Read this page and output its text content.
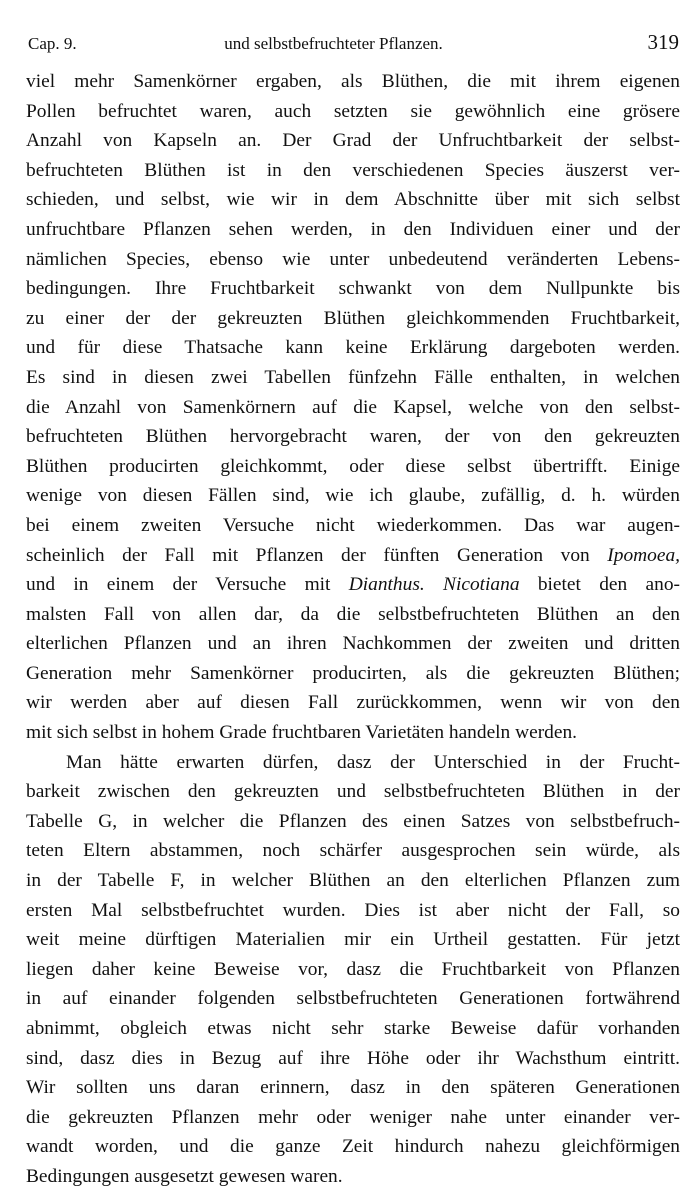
Cap. 9.	und selbstbefruchteter Pflanzen.	319
viel mehr Samenkörner ergaben, als Blüthen, die mit ihrem eigenen
Pollen befruchtet waren, auch setzten sie gewöhnlich eine grösere
Anzahl von Kapseln an. Der Grad der Unfruchtbarkeit der selbst-
befruchteten Blüthen ist in den verschiedenen Species äuszerst ver-
schieden, und selbst, wie wir in dem Abschnitte über mit sich selbst
unfruchtbare Pflanzen sehen werden, in den Individuen einer und der
nämlichen Species, ebenso wie unter unbedeutend veränderten Lebens-
bedingungen. Ihre Fruchtbarkeit schwankt von dem Nullpunkte bis
zu einer der der gekreuzten Blüthen gleichkommenden Fruchtbarkeit,
und für diese Thatsache kann keine Erklärung dargeboten werden.
Es sind in diesen zwei Tabellen fünfzehn Fälle enthalten, in welchen
die Anzahl von Samenkörnern auf die Kapsel, welche von den selbst-
befruchteten Blüthen hervorgebracht waren, der von den gekreuzten
Blüthen producirten gleichkommt, oder diese selbst übertrifft. Einige
wenige von diesen Fällen sind, wie ich glaube, zufällig, d. h. würden
bei einem zweiten Versuche nicht wiederkommen. Das war augen-
scheinlich der Fall mit Pflanzen der fünften Generation von Ipomoea,
und in einem der Versuche mit Dianthus. Nicotiana bietet den ano-
malsten Fall von allen dar, da die selbstbefruchteten Blüthen an den
elterlichen Pflanzen und an ihren Nachkommen der zweiten und dritten
Generation mehr Samenkörner producirten, als die gekreuzten Blüthen;
wir werden aber auf diesen Fall zurückkommen, wenn wir von den
mit sich selbst in hohem Grade fruchtbaren Varietäten handeln werden.
Man hätte erwarten dürfen, dasz der Unterschied in der Frucht-
barkeit zwischen den gekreuzten und selbstbefruchteten Blüthen in der
Tabelle G, in welcher die Pflanzen des einen Satzes von selbstbefruch-
teten Eltern abstammen, noch schärfer ausgesprochen sein würde, als
in der Tabelle F, in welcher Blüthen an den elterlichen Pflanzen zum
ersten Mal selbstbefruchtet wurden. Dies ist aber nicht der Fall, so
weit meine dürftigen Materialien mir ein Urtheil gestatten. Für jetzt
liegen daher keine Beweise vor, dasz die Fruchtbarkeit von Pflanzen
in auf einander folgenden selbstbefruchteten Generationen fortwährend
abnimmt, obgleich etwas nicht sehr starke Beweise dafür vorhanden
sind, dasz dies in Bezug auf ihre Höhe oder ihr Wachsthum eintritt.
Wir sollten uns daran erinnern, dasz in den späteren Generationen
die gekreuzten Pflanzen mehr oder weniger nahe unter einander ver-
wandt worden, und die ganze Zeit hindurch nahezu gleichförmigen
Bedingungen ausgesetzt gewesen waren.
